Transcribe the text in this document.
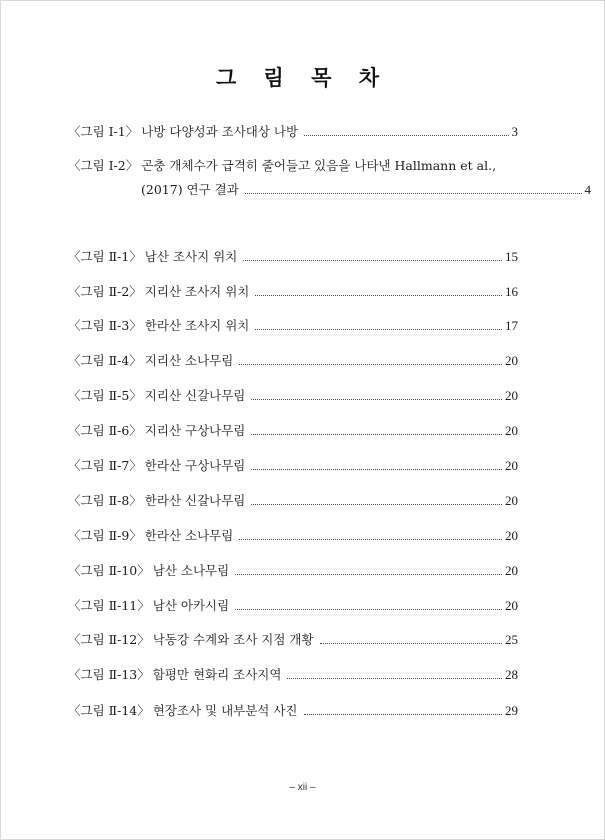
그 림 목 차
〈그림 Ⅰ-1〉 나방 다양성과 조사대상 나방	3
〈그림 Ⅰ-2〉 곤충 개체수가 급격히 줄어들고 있음을 나타낸 Hallmann et al.,
(2017) 연구 결과	4
〈그림 Ⅱ-1〉 남산 조사지 위치	15
〈그림 Ⅱ-2〉 지리산 조사지 위치	16
〈그림 Ⅱ-3〉 한라산 조사지 위치	17
〈그림 Ⅱ-4〉 지리산 소나무림	20
〈그림 Ⅱ-5〉 지리산 신갈나무림	20
〈그림 Ⅱ-6〉 지리산 구상나무림	20
〈그림 Ⅱ-7〉 한라산 구상나무림	20
〈그림 Ⅱ-8〉 한라산 신갈나무림	20
〈그림 Ⅱ-9〉 한라산 소나무림	20
〈그림 Ⅱ-10〉 남산 소나무림	20
〈그림 Ⅱ-11〉 남산 아카시림	20
〈그림 Ⅱ-12〉 낙동강 수계와 조사 지점 개황	25
〈그림 Ⅱ-13〉 함평만 현화리 조사지역	28
〈그림 Ⅱ-14〉 현장조사 및 내부분석 사진	29
– xii –
